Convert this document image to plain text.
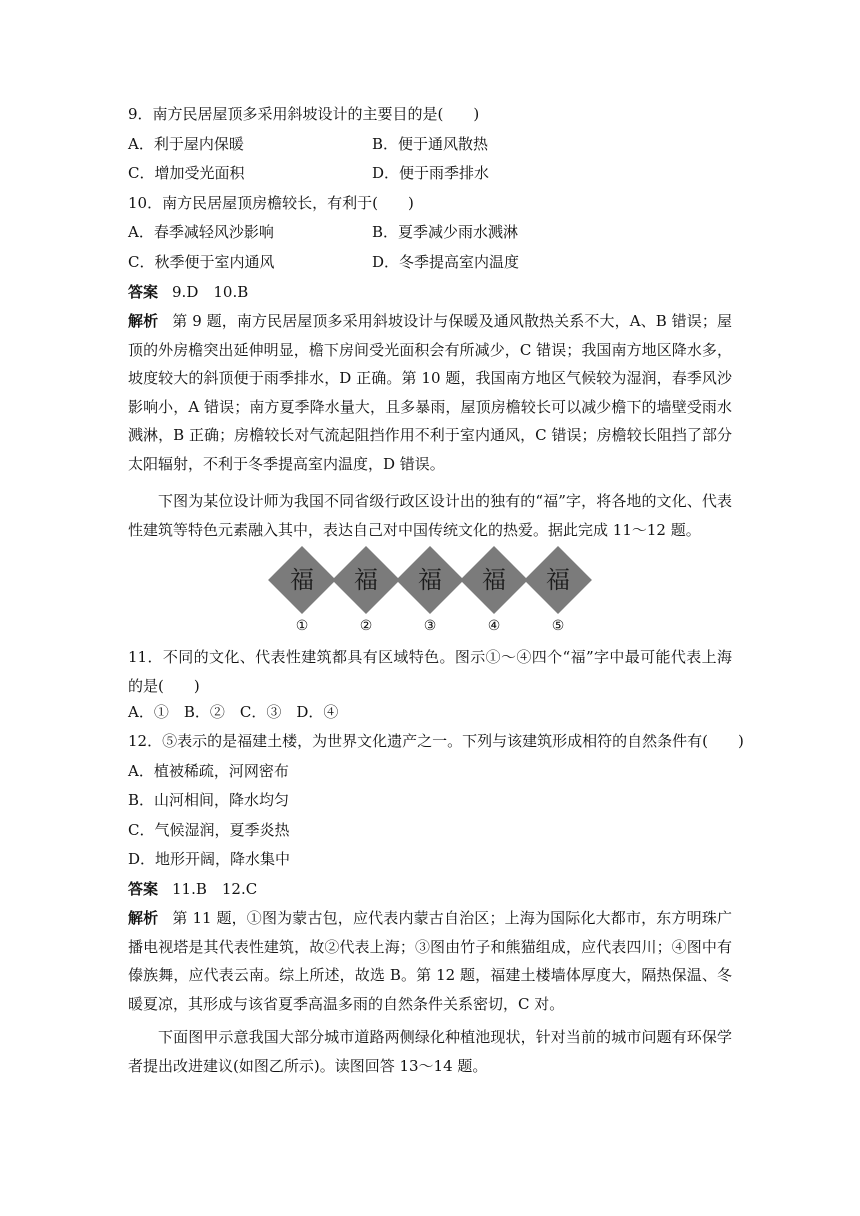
9．南方民居屋顶多采用斜坡设计的主要目的是(　　)
A．利于屋内保暖	B．便于通风散热
C．增加受光面积	D．便于雨季排水
10．南方民居屋顶房檐较长，有利于(　　)
A．春季减轻风沙影响	B．夏季减少雨水溅淋
C．秋季便于室内通风	D．冬季提高室内温度
答案 9.D　10.B
解析 第 9 题，南方民居屋顶多采用斜坡设计与保暖及通风散热关系不大，A、B 错误；屋顶的外房檐突出延伸明显，檐下房间受光面积会有所减少，C 错误；我国南方地区降水多，坡度较大的斜顶便于雨季排水，D 正确。第 10 题，我国南方地区气候较为湿润，春季风沙影响小，A 错误；南方夏季降水量大，且多暴雨，屋顶房檐较长可以减少檐下的墙壁受雨水溅淋，B 正确；房檐较长对气流起阻挡作用不利于室内通风，C 错误；房檐较长阻挡了部分太阳辐射，不利于冬季提高室内温度，D 错误。
下图为某位设计师为我国不同省级行政区设计出的独有的“福”字，将各地的文化、代表性建筑等特色元素融入其中，表达自己对中国传统文化的热爱。据此完成 11～12 题。
福	福	福	福	福
①	②	③	④	⑤
11．不同的文化、代表性建筑都具有区域特色。图示①～④四个“福”字中最可能代表上海的是(　　)
A．①　B．②　C．③　D．④
12．⑤表示的是福建土楼，为世界文化遗产之一。下列与该建筑形成相符的自然条件有(　　)
A．植被稀疏，河网密布
B．山河相间，降水均匀
C．气候湿润，夏季炎热
D．地形开阔，降水集中
答案 11.B　12.C
解析 第 11 题，①图为蒙古包，应代表内蒙古自治区；上海为国际化大都市，东方明珠广播电视塔是其代表性建筑，故②代表上海；③图由竹子和熊猫组成，应代表四川；④图中有傣族舞，应代表云南。综上所述，故选 B。第 12 题，福建土楼墙体厚度大，隔热保温、冬暖夏凉，其形成与该省夏季高温多雨的自然条件关系密切，C 对。
下面图甲示意我国大部分城市道路两侧绿化种植池现状，针对当前的城市问题有环保学者提出改进建议(如图乙所示)。读图回答 13～14 题。
